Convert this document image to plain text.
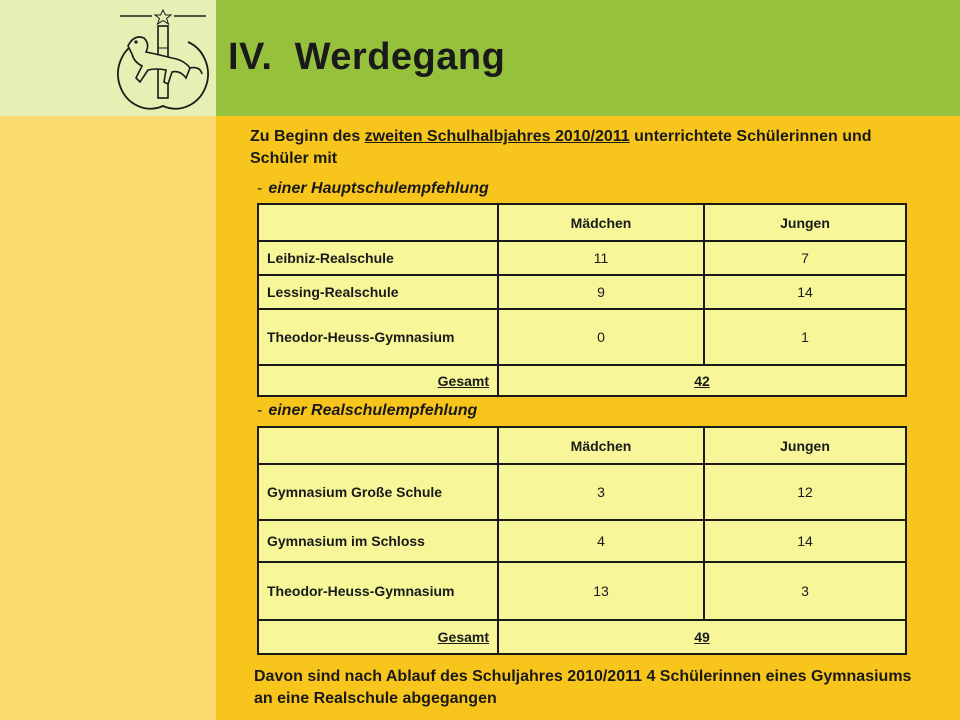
IV.  Werdegang
Zu Beginn des zweiten Schulhalbjahres 2010/2011 unterrichtete Schülerinnen und Schüler mit
- einer Hauptschulempfehlung
	Mädchen	Jungen
Leibniz-Realschule	11	7
Lessing-Realschule	9	14
Theodor-Heuss-Gymnasium	0	1
Gesamt	42	
- einer Realschulempfehlung
	Mädchen	Jungen
Gymnasium Große Schule	3	12
Gymnasium im Schloss	4	14
Theodor-Heuss-Gymnasium	13	3
Gesamt	49	
Davon sind nach Ablauf des Schuljahres 2010/2011 4 Schülerinnen eines Gymnasiums an eine Realschule abgegangen
